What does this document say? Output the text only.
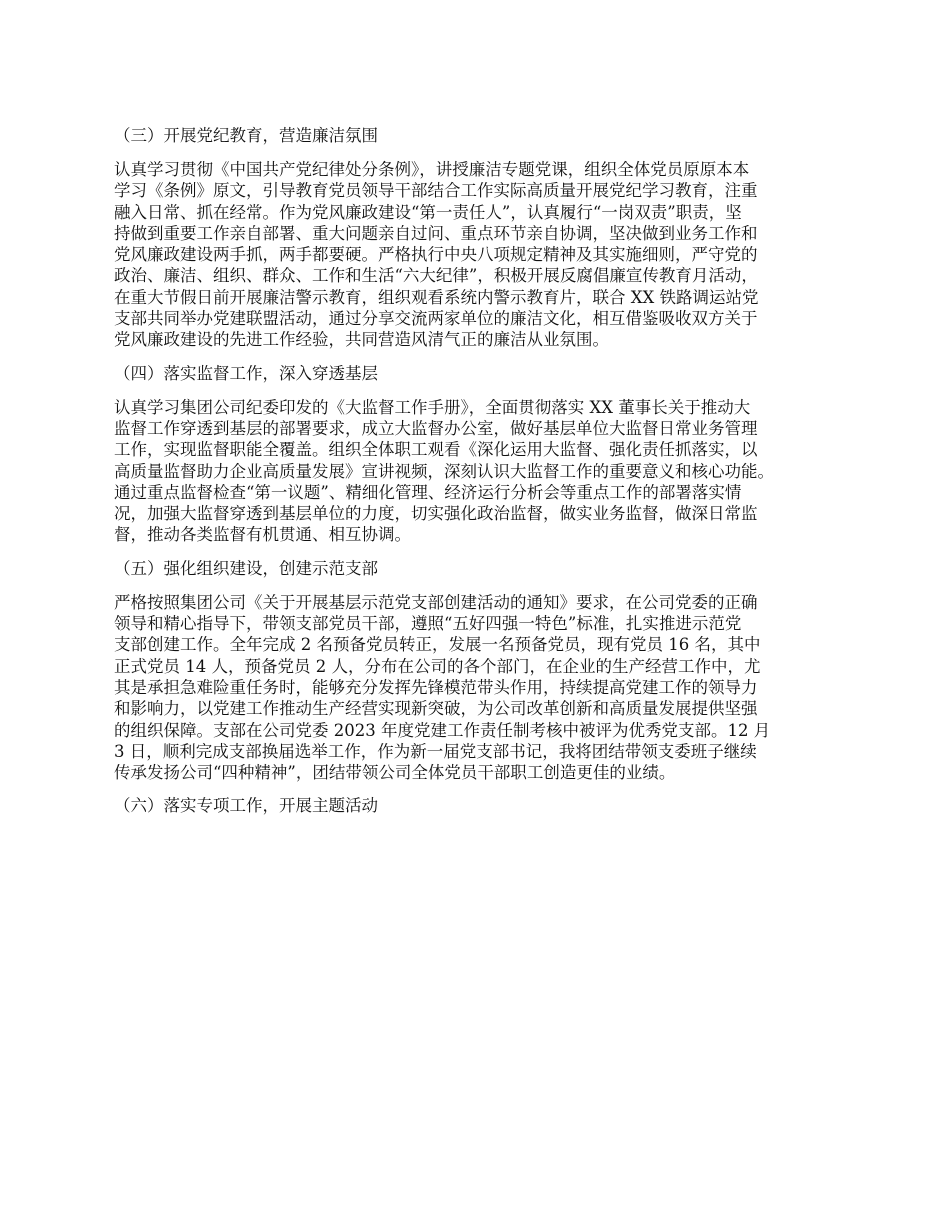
（三）开展党纪教育，营造廉洁氛围
认真学习贯彻《中国共产党纪律处分条例》，讲授廉洁专题党课，组织全体党员原原本本
学习《条例》原文，引导教育党员领导干部结合工作实际高质量开展党纪学习教育，注重
融入日常、抓在经常。作为党风廉政建设“第一责任人”，认真履行“一岗双责”职责，坚
持做到重要工作亲自部署、重大问题亲自过问、重点环节亲自协调，坚决做到业务工作和
党风廉政建设两手抓，两手都要硬。严格执行中央八项规定精神及其实施细则，严守党的
政治、廉洁、组织、群众、工作和生活“六大纪律”，积极开展反腐倡廉宣传教育月活动，
在重大节假日前开展廉洁警示教育，组织观看系统内警示教育片，联合 XX 铁路调运站党
支部共同举办党建联盟活动，通过分享交流两家单位的廉洁文化，相互借鉴吸收双方关于
党风廉政建设的先进工作经验，共同营造风清气正的廉洁从业氛围。
（四）落实监督工作，深入穿透基层
认真学习集团公司纪委印发的《大监督工作手册》，全面贯彻落实 XX 董事长关于推动大
监督工作穿透到基层的部署要求，成立大监督办公室，做好基层单位大监督日常业务管理
工作，实现监督职能全覆盖。组织全体职工观看《深化运用大监督、强化责任抓落实，以
高质量监督助力企业高质量发展》宣讲视频，深刻认识大监督工作的重要意义和核心功能。
通过重点监督检查“第一议题”、精细化管理、经济运行分析会等重点工作的部署落实情
况，加强大监督穿透到基层单位的力度，切实强化政治监督，做实业务监督，做深日常监
督，推动各类监督有机贯通、相互协调。
（五）强化组织建设，创建示范支部
严格按照集团公司《关于开展基层示范党支部创建活动的通知》要求，在公司党委的正确
领导和精心指导下，带领支部党员干部，遵照“五好四强一特色”标准，扎实推进示范党
支部创建工作。全年完成 2 名预备党员转正，发展一名预备党员，现有党员 16 名，其中
正式党员 14 人，预备党员 2 人，分布在公司的各个部门，在企业的生产经营工作中，尤
其是承担急难险重任务时，能够充分发挥先锋模范带头作用，持续提高党建工作的领导力
和影响力，以党建工作推动生产经营实现新突破，为公司改革创新和高质量发展提供坚强
的组织保障。支部在公司党委 2023 年度党建工作责任制考核中被评为优秀党支部。12 月
3 日，顺利完成支部换届选举工作，作为新一届党支部书记，我将团结带领支委班子继续
传承发扬公司“四种精神”，团结带领公司全体党员干部职工创造更佳的业绩。
（六）落实专项工作，开展主题活动
